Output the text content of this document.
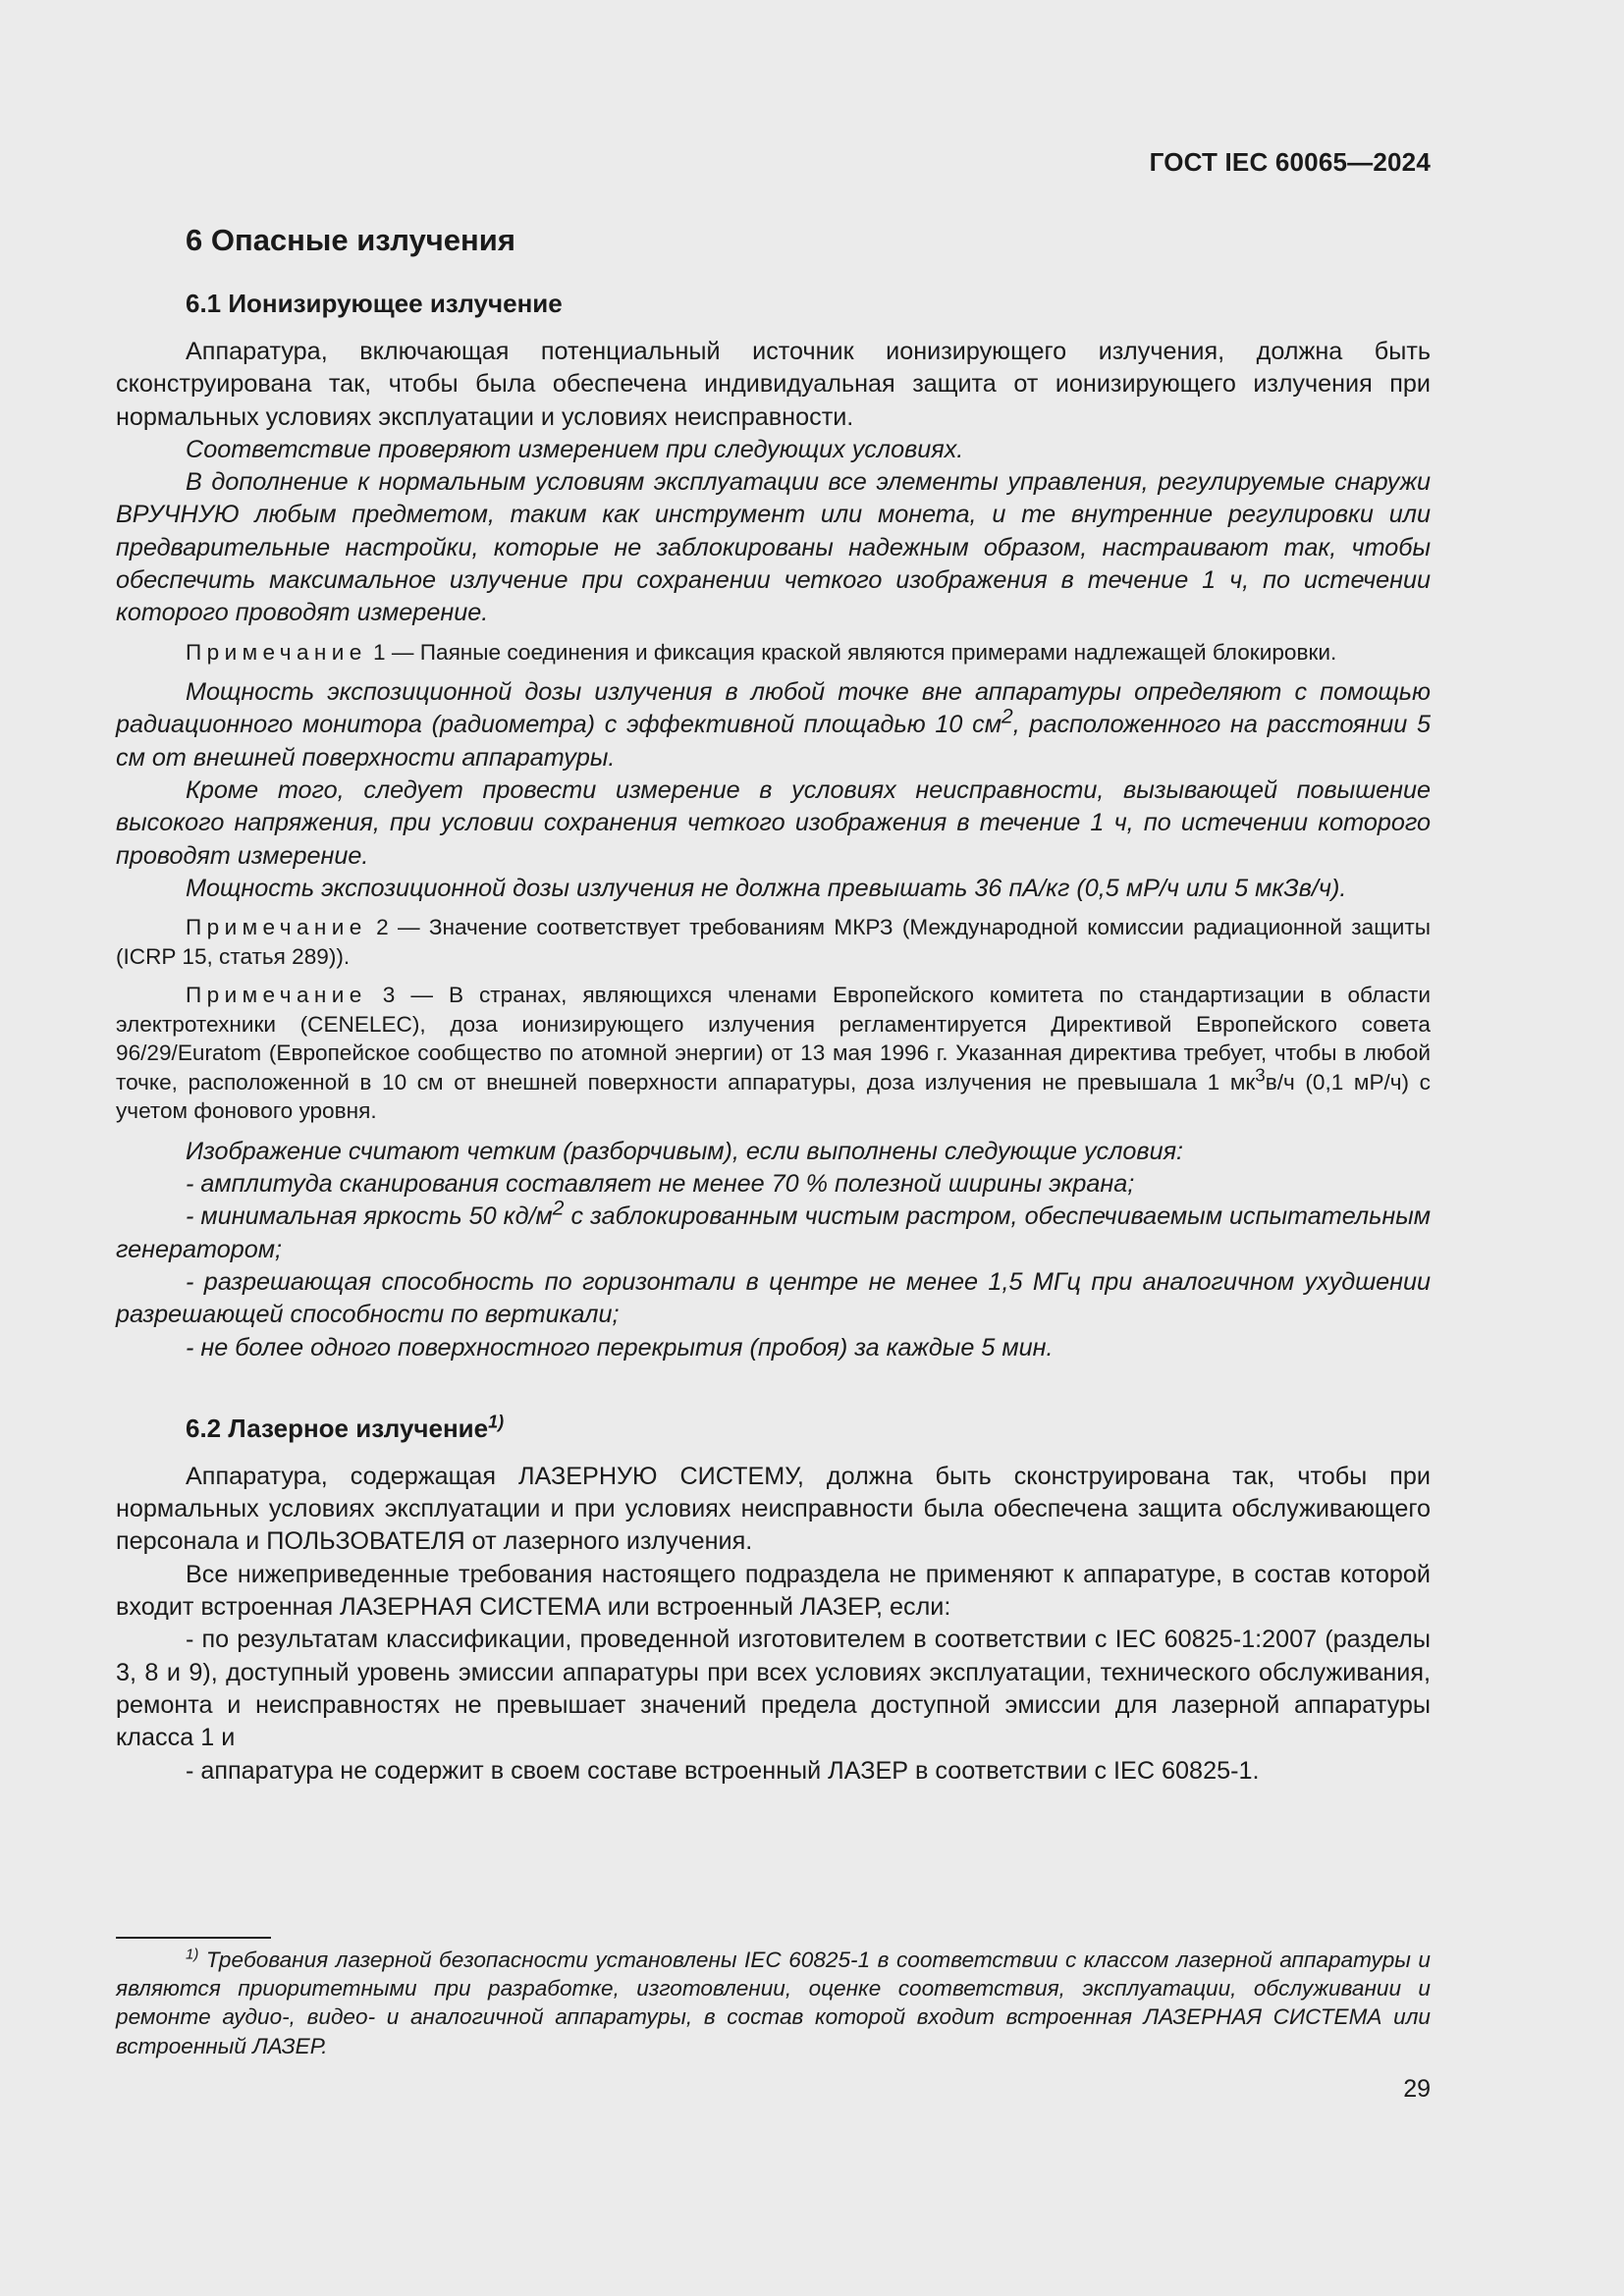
ГОСТ IEC 60065—2024
6 Опасные излучения
6.1 Ионизирующее излучение

Аппаратура, включающая потенциальный источник ионизирующего излучения, должна быть сконструирована так, чтобы была обеспечена индивидуальная защита от ионизирующего излучения при нормальных условиях эксплуатации и условиях неисправности.

Соответствие проверяют измерением при следующих условиях.

В дополнение к нормальным условиям эксплуатации все элементы управления, регулируемые снаружи ВРУЧНУЮ любым предметом, таким как инструмент или монета, и те внутренние регулировки или предварительные настройки, которые не заблокированы надежным образом, настраивают так, чтобы обеспечить максимальное излучение при сохранении четкого изображения в течение 1 ч, по истечении которого проводят измерение.

Примечание 1 — Паяные соединения и фиксация краской являются примерами надлежащей блокировки.

Мощность экспозиционной дозы излучения в любой точке вне аппаратуры определяют с помощью радиационного монитора (радиометра) с эффективной площадью 10 $см^2$, расположенного на расстоянии 5 см от внешней поверхности аппаратуры.

Кроме того, следует провести измерение в условиях неисправности, вызывающей повышение высокого напряжения, при условии сохранения четкого изображения в течение 1 ч, по истечении которого проводят измерение.

Мощность экспозиционной дозы излучения не должна превышать 36 пА/кг (0,5 мР/ч или 5 мкЗв/ч).

Примечание 2 — Значение соответствует требованиям МКРЗ (Международной комиссии радиационной защиты (ICRP 15, статья 289)).

Примечание 3 — В странах, являющихся членами Европейского комитета по стандартизации в области электротехники (CENELEC), доза ионизирующего излучения регламентируется Директивой Европейского совета 96/29/Euratom (Европейское сообщество по атомной энергии) от 13 мая 1996 г. Указанная директива требует, чтобы в любой точке, расположенной в 10 см от внешней поверхности аппаратуры, доза излучения не превышала 1 $мк^3в/ч$ (0,1 мР/ч) с учетом фонового уровня.

Изображение считают четким (разборчивым), если выполнены следующие условия:

- амплитуда сканирования составляет не менее 70 % полезной ширины экрана;

- минимальная яркость 50 $кд/м^2$ с заблокированным чистым растром, обеспечиваемым испытательным генератором;

- разрешающая способность по горизонтали в центре не менее 1,5 МГц при аналогичном ухудшении разрешающей способности по вертикали;

- не более одного поверхностного перекрытия (пробоя) за каждые 5 мин.

6.2 Лазерное излучение$^{1)}$

Аппаратура, содержащая ЛАЗЕРНУЮ СИСТЕМУ, должна быть сконструирована так, чтобы при нормальных условиях эксплуатации и при условиях неисправности была обеспечена защита обслуживающего персонала и ПОЛЬЗОВАТЕЛЯ от лазерного излучения.

Все нижеприведенные требования настоящего подраздела не применяют к аппаратуре, в состав которой входит встроенная ЛАЗЕРНАЯ СИСТЕМА или встроенный ЛАЗЕР, если:

- по результатам классификации, проведенной изготовителем в соответствии с IEC 60825-1:2007 (разделы 3, 8 и 9), доступный уровень эмиссии аппаратуры при всех условиях эксплуатации, технического обслуживания, ремонта и неисправностях не превышает значений предела доступной эмиссии для лазерной аппаратуры класса 1 и

- аппаратура не содержит в своем составе встроенный ЛАЗЕР в соответствии с IEC 60825-1.

$^{1)}$ Требования лазерной безопасности установлены IEC 60825-1 в соответствии с классом лазерной аппаратуры и являются приоритетными при разработке, изготовлении, оценке соответствия, эксплуатации, обслуживании и ремонте аудио-, видео- и аналогичной аппаратуры, в состав которой входит встроенная ЛАЗЕРНАЯ СИСТЕМА или встроенный ЛАЗЕР.

29
